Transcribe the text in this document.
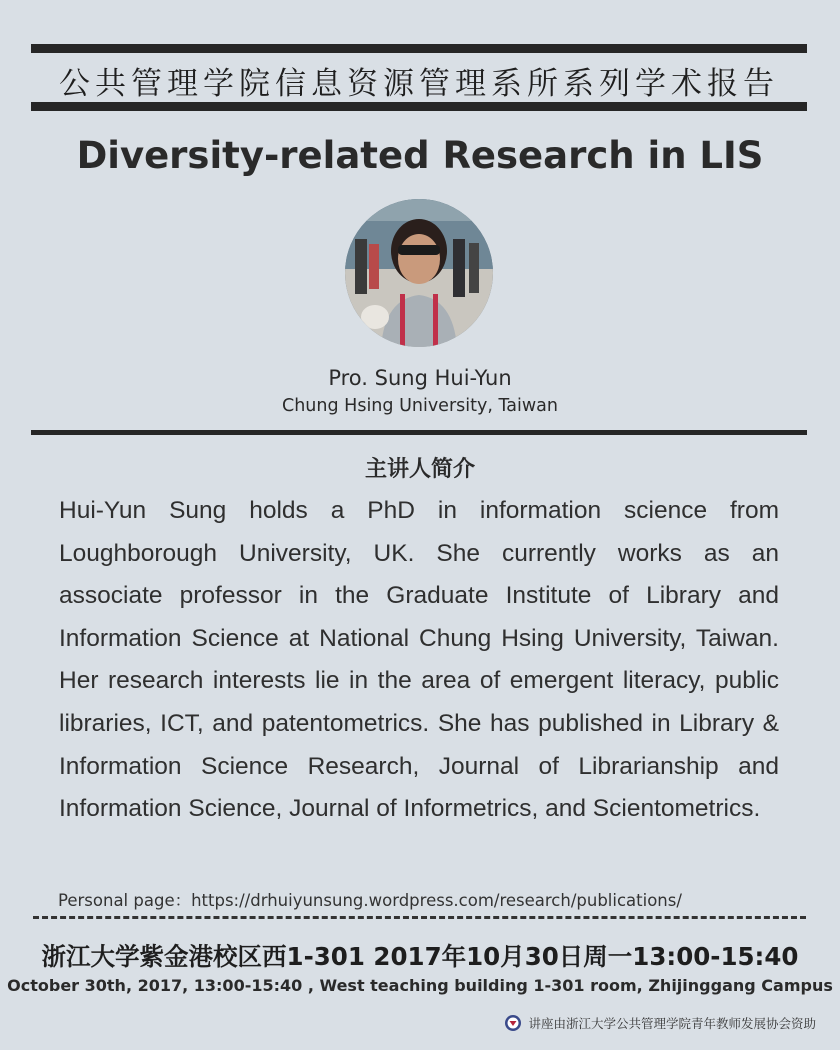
公共管理学院信息资源管理系所系列学术报告
Diversity-related Research in LIS
Pro. Sung Hui-Yun
Chung Hsing University, Taiwan
主讲人简介

Hui-Yun Sung holds a PhD in information science from Loughborough University, UK. She currently works as an associate professor in the Graduate Institute of Library and Information Science at National Chung Hsing University, Taiwan. Her research interests lie in the area of emergent literacy, public libraries, ICT, and patentometrics. She has published in Library & Information Science Research, Journal of Librarianship and Information Science, Journal of Informetrics, and Scientometrics.

Personal page：https://drhuiyunsung.wordpress.com/research/publications/
浙江大学紫金港校区西1-301 2017年10月30日周一13:00-15:40
October 30th, 2017, 13:00-15:40 , West teaching building 1-301 room, Zhijinggang Campus
讲座由浙江大学公共管理学院青年教师发展协会资助
